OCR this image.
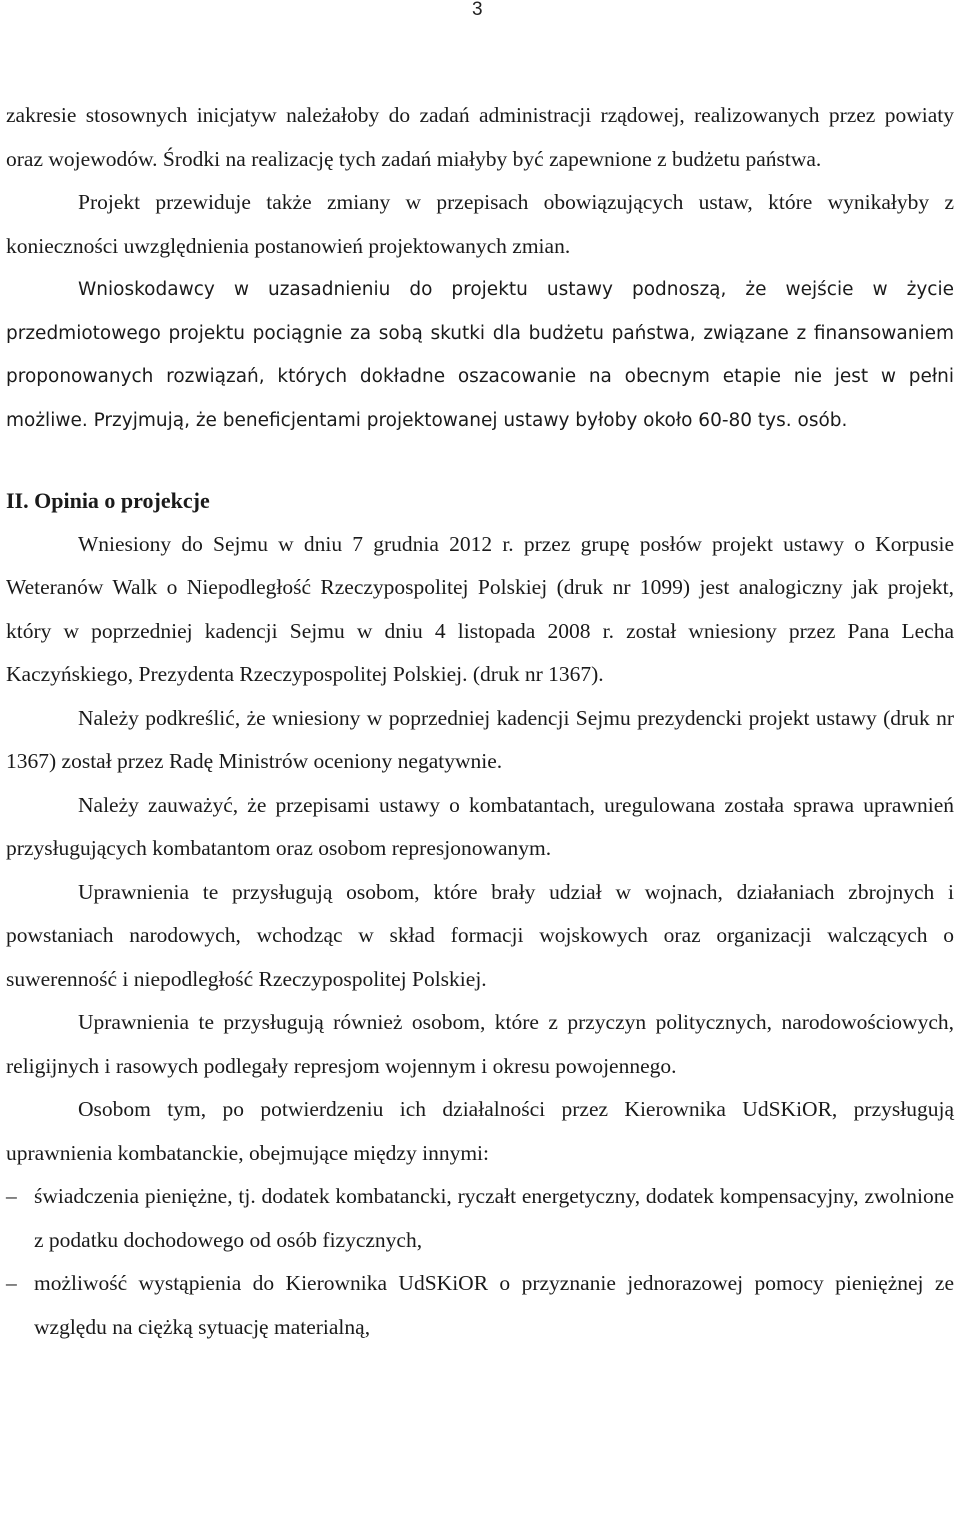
3

zakresie stosownych inicjatyw należałoby do zadań administracji rządowej, realizowanych przez powiaty oraz wojewodów. Środki na realizację tych zadań miałyby być zapewnione z budżetu państwa.

Projekt przewiduje także zmiany w przepisach obowiązujących ustaw, które wynikałyby z konieczności uwzględnienia postanowień projektowanych zmian.

Wnioskodawcy w uzasadnieniu do projektu ustawy podnoszą, że wejście w życie przedmiotowego projektu pociągnie za sobą skutki dla budżetu państwa, związane z finansowaniem proponowanych rozwiązań, których dokładne oszacowanie na obecnym etapie nie jest w pełni możliwe. Przyjmują, że beneficjentami projektowanej ustawy byłoby około 60-80 tys. osób.

II. Opinia o projekcje

Wniesiony do Sejmu w dniu 7 grudnia 2012 r. przez grupę posłów projekt ustawy o Korpusie Weteranów Walk o Niepodległość Rzeczypospolitej Polskiej (druk nr 1099) jest analogiczny jak projekt, który w poprzedniej kadencji Sejmu w dniu 4 listopada 2008 r. został wniesiony przez Pana Lecha Kaczyńskiego, Prezydenta Rzeczypospolitej Polskiej. (druk nr 1367).

Należy podkreślić, że wniesiony w poprzedniej kadencji Sejmu prezydencki projekt ustawy (druk nr 1367) został przez Radę Ministrów oceniony negatywnie.

Należy zauważyć, że przepisami ustawy o kombatantach, uregulowana została sprawa uprawnień przysługujących kombatantom oraz osobom represjonowanym.

Uprawnienia te przysługują osobom, które brały udział w wojnach, działaniach zbrojnych i powstaniach narodowych, wchodząc w skład formacji wojskowych oraz organizacji walczących o suwerenność i niepodległość Rzeczypospolitej Polskiej.

Uprawnienia te przysługują również osobom, które z przyczyn politycznych, narodowościowych, religijnych i rasowych podlegały represjom wojennym i okresu powojennego.

Osobom tym, po potwierdzeniu ich działalności przez Kierownika UdSKiOR, przysługują uprawnienia kombatanckie, obejmujące między innymi:

– świadczenia pieniężne, tj. dodatek kombatancki, ryczałt energetyczny, dodatek kompensacyjny, zwolnione z podatku dochodowego od osób fizycznych,

– możliwość wystąpienia do Kierownika UdSKiOR o przyznanie jednorazowej pomocy pieniężnej ze względu na ciężką sytuację materialną,
